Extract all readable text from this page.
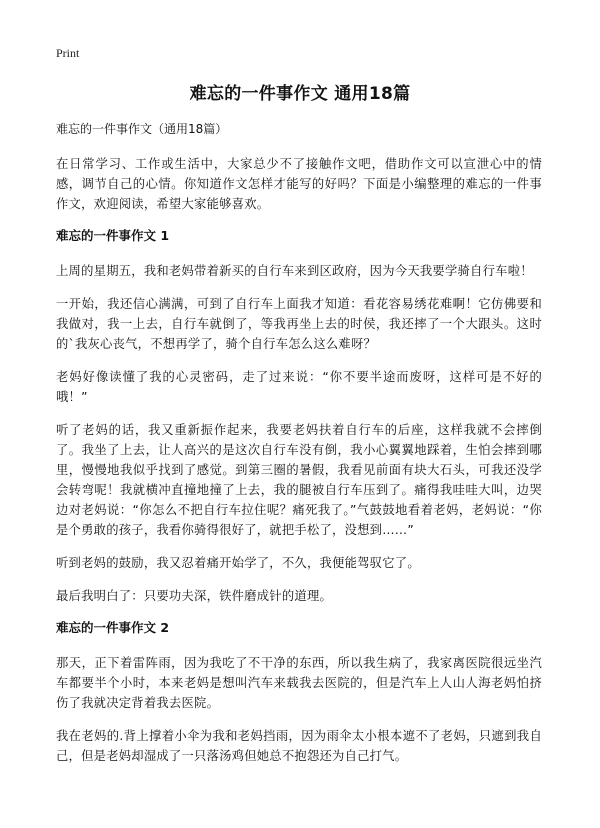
Print
难忘的一件事作文 通用18篇
难忘的一件事作文（通用18篇）

在日常学习、工作或生活中，大家总少不了接触作文吧，借助作文可以宣泄心中的情感，调节自己的心情。你知道作文怎样才能写的好吗？下面是小编整理的难忘的一件事作文，欢迎阅读，希望大家能够喜欢。

难忘的一件事作文 1

上周的星期五，我和老妈带着新买的自行车来到区政府，因为今天我要学骑自行车啦！

一开始，我还信心满满，可到了自行车上面我才知道：看花容易绣花难啊！它仿佛要和我做对，我一上去，自行车就倒了，等我再坐上去的时侯，我还摔了一个大跟头。这时的`我灰心丧气，不想再学了，骑个自行车怎么这么难呀？

老妈好像读懂了我的心灵密码，走了过来说：“你不要半途而废呀，这样可是不好的哦！”

听了老妈的话，我又重新振作起来，我要老妈扶着自行车的后座，这样我就不会摔倒了。我坐了上去，让人高兴的是这次自行车没有倒，我小心翼翼地踩着，生怕会摔到哪里，慢慢地我似乎找到了感觉。到第三圈的暑假，我看见前面有块大石头，可我还没学会转弯呢！我就横冲直撞地撞了上去，我的腿被自行车压到了。痛得我哇哇大叫，边哭边对老妈说：“你怎么不把自行车拉住呢？痛死我了。”气鼓鼓地看着老妈，老妈说：“你是个勇敢的孩子，我看你骑得很好了，就把手松了，没想到……”

听到老妈的鼓励，我又忍着痛开始学了，不久，我便能驾驭它了。

最后我明白了：只要功夫深，铁件磨成针的道理。

难忘的一件事作文 2

那天，正下着雷阵雨，因为我吃了不干净的东西，所以我生病了，我家离医院很远坐汽车都要半个小时，本来老妈是想叫汽车来载我去医院的，但是汽车上人山人海老妈怕挤伤了我就决定背着我去医院。

我在老妈的.背上撑着小伞为我和老妈挡雨，因为雨伞太小根本遮不了老妈，只遮到我自己，但是老妈却湿成了一只落汤鸡但她总不抱怨还为自己打气。
